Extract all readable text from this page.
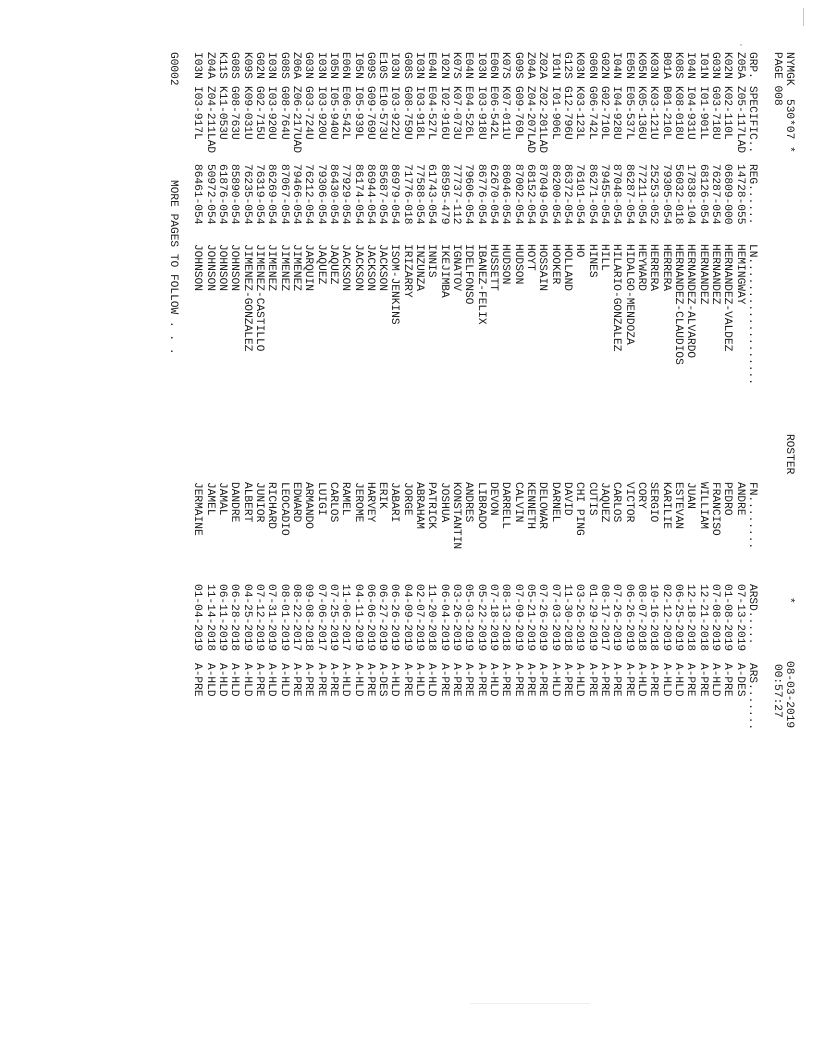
NYMGK  530*07 *

ROSTER

*

08-03-2019

PAGE 008

00:57:27

GRP.

SPECIFIC..

REG......

LN...................

FN........

ARSD.....

ARS.......

Z05A
Z05-117LAD
14728-055
HEMINGWAY
ANDRE
07-13-2019
A-DES
K02N
K02-110L
06809-000
HERNANDEZ-VALDEZ
PEDRO
01-08-2019
A-PRE
G03N
G03-718U
76287-054
HERNANDEZ
FRANCISO
07-08-2019
A-HLD
I01N
I01-901L
68126-054
HERNANDEZ
WILLIAM
12-21-2018
A-PRE
I04N
I04-931U
17838-104
HERNANDEZ-ALVARDO
JUAN
12-18-2018
A-PRE
K08S
K08-018U
56032-018
HERNANDEZ-CLAUDIOS
ESTEVAN
06-25-2019
A-HLD
B01A
B01-210L
79305-054
HERRERA
KARILIE
02-12-2019
A-HLD
K03N
K03-121U
25253-052
HERRERA
SERGIO
10-16-2018
A-PRE
K05N
K05-136U
77211-054
HEYWARD
CORY
08-07-2018
A-HLD
E05N
E05-537L
86287-054
HIDALGO-MENDOZA
VICTOR
06-26-2019
A-PRE
I04N
I04-928U
87048-054
HILARIO-GONZALEZ
CARLOS
07-26-2019
A-PRE
G02N
G02-710L
79455-054
HILL
JAQUEZ
08-17-2017
A-PRE
G06N
G06-742L
86271-054
HINES
CUTIS
01-29-2019
A-PRE
K03N
K03-123L
76101-054
HO
CHI PING
03-26-2019
A-HLD
G12S
G12-796U
86372-054
HOLLAND
DAVID
11-30-2018
A-PRE
I01N
I01-906L
86200-054
HOOKER
DARNEL
07-03-2019
A-HLD
Z02A
Z02-201LAD
87049-054
HOSSAIN
DELOWAR
07-26-2019
A-PRE
Z04A
Z04-207LAD
68152-054
HOYT
KENNETH
05-21-2019
A-PRE
G09S
G09-769L
87002-054
HUDSON
CALVIN
07-09-2019
A-PRE
K07S
K07-011U
86046-054
HUDSON
DARRELL
08-13-2018
A-PRE
E06N
E06-542L
62670-054
HUSSETT
DEVON
07-18-2019
A-HLD
I03N
I03-918U
86776-054
IBANEZ-FELIX
LIBRADO
05-22-2019
A-PRE
E04N
E04-526L
79606-054
IDELFONSO
ANDRES
05-03-2019
A-PRE
K07S
K07-073U
77737-112
IGNATOV
KONSTANTIN
03-26-2019
A-PRE
I02N
I02-916U
88595-479
IKEJIMBA
JOSHUA
06-04-2019
A-PRE
E04N
E04-527L
61743-054
INNIS
PATRICK
11-20-2018
A-HLD
I03N
I03-918L
77588-054
INZUNZA
ABRAHAM
02-07-2019
A-HLD
G08S
G08-759U
71776-018
IRIZARRY
JORGE
04-09-2019
A-PRE
I03N
I03-922U
86979-054
ISOM-JENKINS
JABARI
06-26-2019
A-HLD
E10S
E10-573U
85687-054
JACKSON
ERIK
06-27-2019
A-DES
G09S
G09-769U
86944-054
JACKSON
HARVEY
06-06-2019
A-PRE
I05N
I05-939L
86174-054
JACKSON
JEROME
04-11-2019
A-HLD
E06N
E06-542L
77929-054
JACKSON
RAMEL
11-06-2017
A-HLD
I05N
I05-940U
86430-054
JAQUEZ
CARLOS
07-25-2019
A-PRE
I03N
I03-920U
79306-054
JAQUEZ
LUIGI
07-06-2017
A-PRE
G03N
G03-724U
76212-054
JARQUIN
ARMANDO
09-08-2018
A-PRE
Z06A
Z06-217UAD
79466-054
JIMENEZ
EDWARD
08-22-2017
A-PRE
G08S
G08-764U
87067-054
JIMENEZ
LEOCADIO
08-01-2019
A-HLD
I03N
I03-920U
86269-054
JIMENEZ
RICHARD
07-31-2019
A-HLD
G02N
G02-715U
76319-054
JIMENEZ-CASTILLO
JUNIOR
07-12-2019
A-PRE
K09S
K09-031U
76235-054
JIMENEZ-GONZALEZ
ALBERT
04-25-2019
A-HLD
G08S
G08-763U
85890-054
JOHNSON
DANDRE
06-28-2018
A-HLD
K11S
K11-053U
61876-054
JOHNSON
JAMAL
06-11-2019
A-HLD
Z04A
Z04-211LAD
50972-054
JOHNSON
JAMEL
11-14-2018
A-HLD
I03N
I03-917L
86461-054
JOHNSON
JERMAINE
01-04-2019
A-PRE

G0002

MORE PAGES TO FOLLOW . . .
